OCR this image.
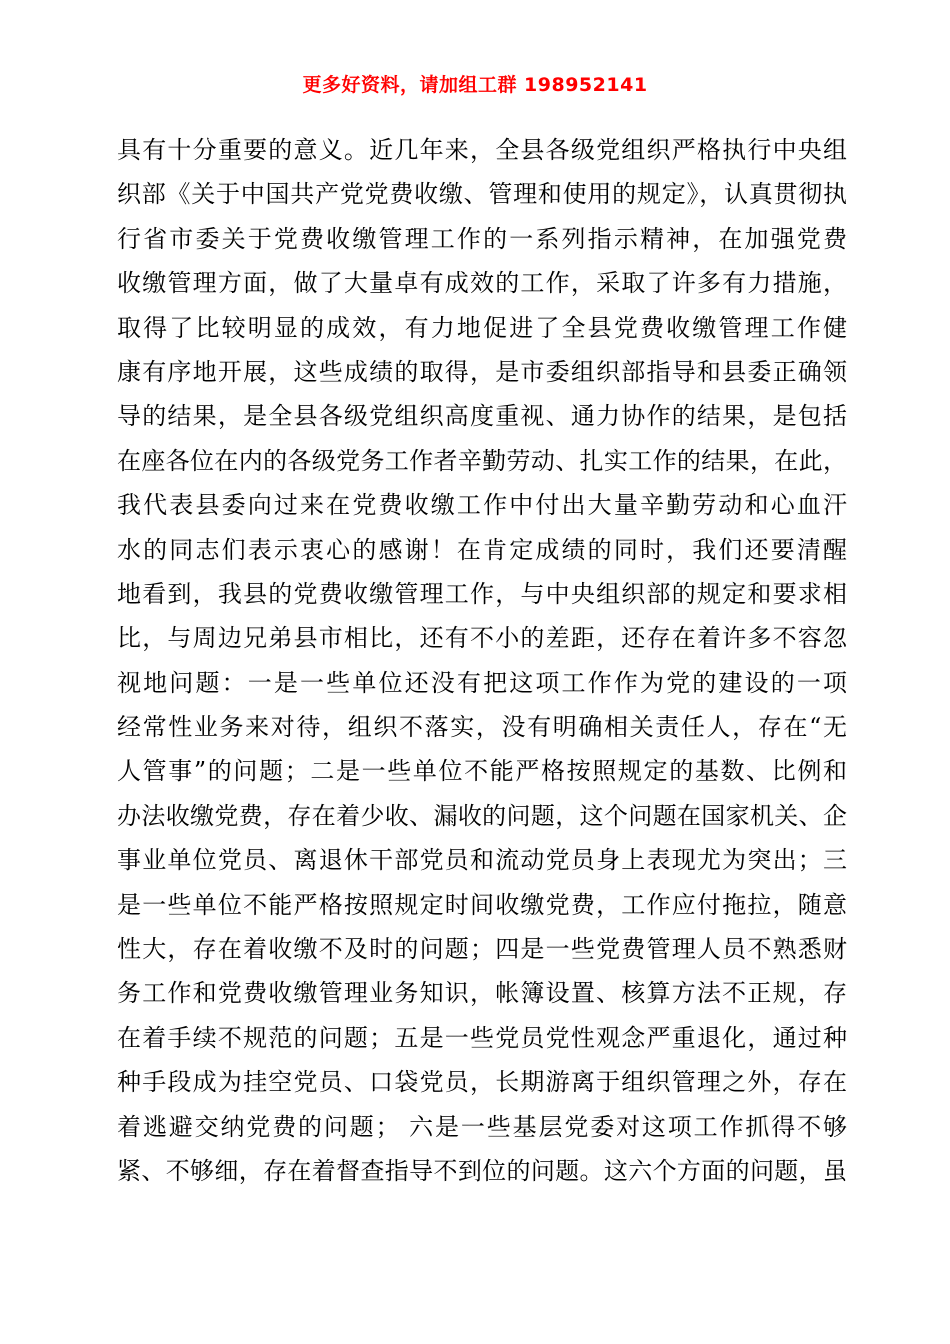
更多好资料，请加组工群 198952141
具有十分重要的意义。近几年来，全县各级党组织严格执行中央组
织部《关于中国共产党党费收缴、管理和使用的规定》，认真贯彻执
行省市委关于党费收缴管理工作的一系列指示精神，在加强党费
收缴管理方面，做了大量卓有成效的工作，采取了许多有力措施，
取得了比较明显的成效，有力地促进了全县党费收缴管理工作健
康有序地开展，这些成绩的取得，是市委组织部指导和县委正确领
导的结果，是全县各级党组织高度重视、通力协作的结果，是包括
在座各位在内的各级党务工作者辛勤劳动、扎实工作的结果，在此，
我代表县委向过来在党费收缴工作中付出大量辛勤劳动和心血汗
水的同志们表示衷心的感谢！在肯定成绩的同时，我们还要清醒
地看到，我县的党费收缴管理工作，与中央组织部的规定和要求相
比，与周边兄弟县市相比，还有不小的差距，还存在着许多不容忽
视地问题：一是一些单位还没有把这项工作作为党的建设的一项
经常性业务来对待，组织不落实，没有明确相关责任人，存在“无
人管事”的问题；二是一些单位不能严格按照规定的基数、比例和
办法收缴党费，存在着少收、漏收的问题，这个问题在国家机关、企
事业单位党员、离退休干部党员和流动党员身上表现尤为突出；三
是一些单位不能严格按照规定时间收缴党费，工作应付拖拉，随意
性大，存在着收缴不及时的问题；四是一些党费管理人员不熟悉财
务工作和党费收缴管理业务知识，帐簿设置、核算方法不正规，存
在着手续不规范的问题；五是一些党员党性观念严重退化，通过种
种手段成为挂空党员、口袋党员，长期游离于组织管理之外，存在
着逃避交纳党费的问题； 六是一些基层党委对这项工作抓得不够
紧、不够细，存在着督查指导不到位的问题。这六个方面的问题，虽
